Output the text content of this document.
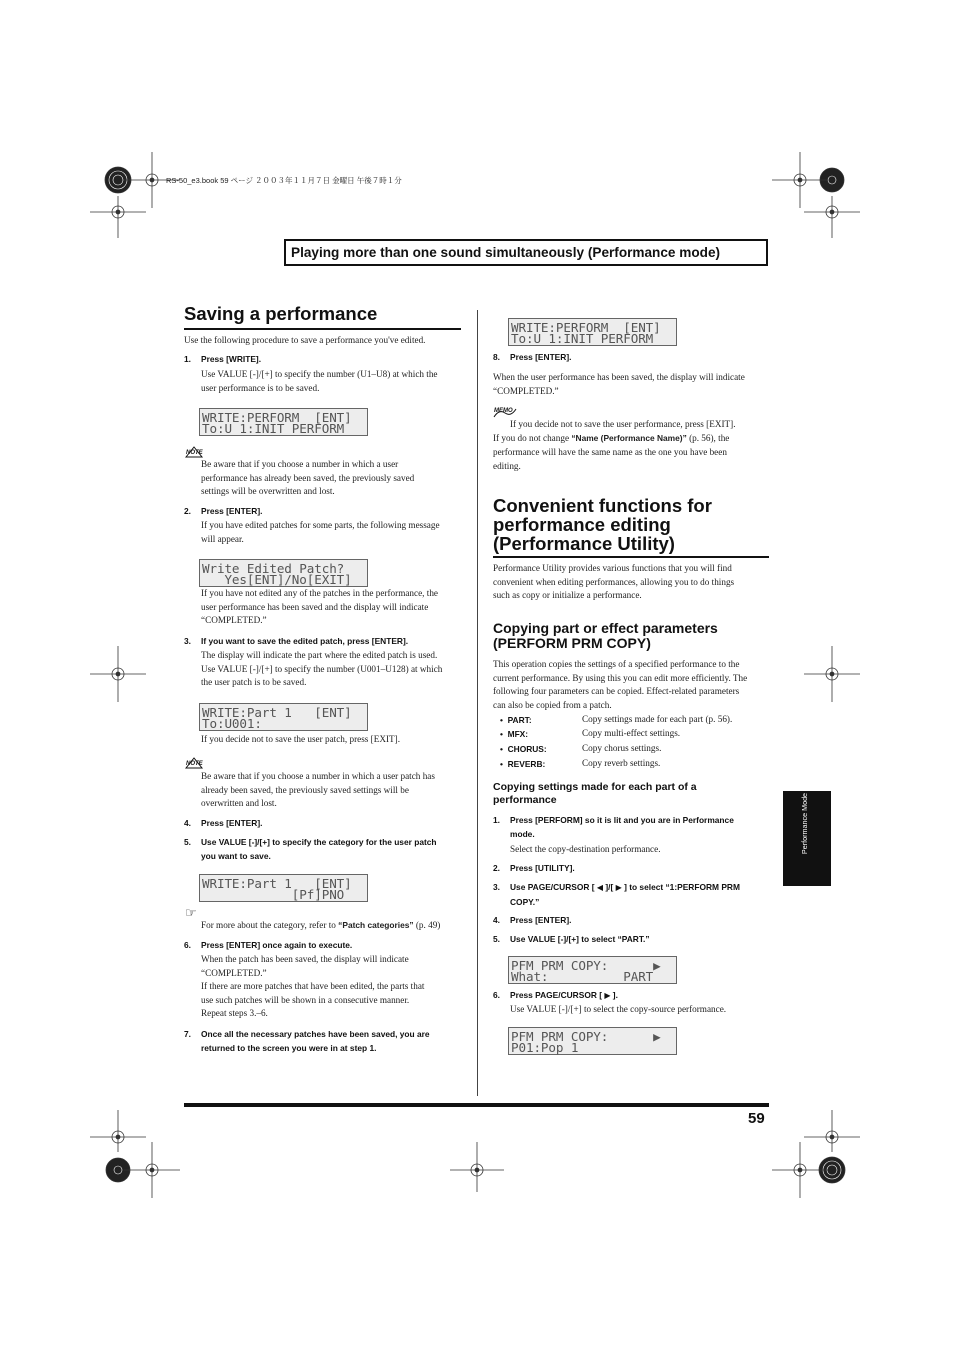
RS-50_e3.book 59 ページ ２００３年１１月７日 金曜日 午後７時１分
Playing more than one sound simultaneously (Performance mode)
Performance Mode
Saving a performance
Use the following procedure to save a performance you've edited.
1. Press [WRITE].
Use VALUE [-]/[+] to specify the number (U1–U8) at which the
user performance is to be saved.
WRITE:PERFORM  [ENT]
To:U 1:INIT PERFORM
NOTE
Be aware that if you choose a number in which a user
performance has already been saved, the previously saved
settings will be overwritten and lost.
2. Press [ENTER].
If you have edited patches for some parts, the following message
will appear.
Write Edited Patch?
Yes[ENT]/No[EXIT]
If you have not edited any of the patches in the performance, the
user performance has been saved and the display will indicate
“COMPLETED.”
3. If you want to save the edited patch, press [ENTER].
The display will indicate the part where the edited patch is used.
Use VALUE [-]/[+] to specify the number (U001–U128) at which
the user patch is to be saved.
WRITE:Part 1   [ENT]
To:U001:
If you decide not to save the user patch, press [EXIT].
NOTE
Be aware that if you choose a number in which a user patch has
already been saved, the previously saved settings will be
overwritten and lost.
4. Press [ENTER].
5. Use VALUE [-]/[+] to specify the category for the user patch
you want to save.
WRITE:Part 1   [ENT]
[Pf]PNO
☞
For more about the category, refer to “Patch categories” (p. 49)
6. Press [ENTER] once again to execute.
When the patch has been saved, the display will indicate
“COMPLETED.”
If there are more patches that have been edited, the parts that
use such patches will be shown in a consecutive manner.
Repeat steps 3.–6.
7. Once all the necessary patches have been saved, you are
returned to the screen you were in at step 1.
WRITE:PERFORM  [ENT]
To:U 1:INIT PERFORM
8. Press [ENTER].
When the user performance has been saved, the display will indicate
“COMPLETED.”
MEMO
If you decide not to save the user performance, press [EXIT].
If you do not change “Name (Performance Name)” (p. 56), the
performance will have the same name as the one you have been
editing.
Convenient functions for
performance editing
(Performance Utility)
Performance Utility provides various functions that you will find
convenient when editing performances, allowing you to do things
such as copy or initialize a performance.
Copying part or effect parameters
(PERFORM PRM COPY)
This operation copies the settings of a specified performance to the
current performance. By using this you can edit more efficiently. The
following four parameters can be copied. Effect-related parameters
can also be copied from a patch.
•  PART:	Copy settings made for each part (p. 56).
•  MFX:	Copy multi-effect settings.
•  CHORUS:	Copy chorus settings.
•  REVERB:	Copy reverb settings.
Copying settings made for each part of a
performance
1. Press [PERFORM] so it is lit and you are in Performance
mode.
Select the copy-destination performance.
2. Press [UTILITY].
3. Use PAGE/CURSOR [ ◀ ]/[ ▶ ] to select “1:PERFORM PRM
COPY.”
4. Press [ENTER].
5. Use VALUE [-]/[+] to select “PART.”
PFM PRM COPY:      ▶
What:          PART
6. Press PAGE/CURSOR [ ▶ ].
Use VALUE [-]/[+] to select the copy-source performance.
PFM PRM COPY:      ▶
P01:Pop 1
59
